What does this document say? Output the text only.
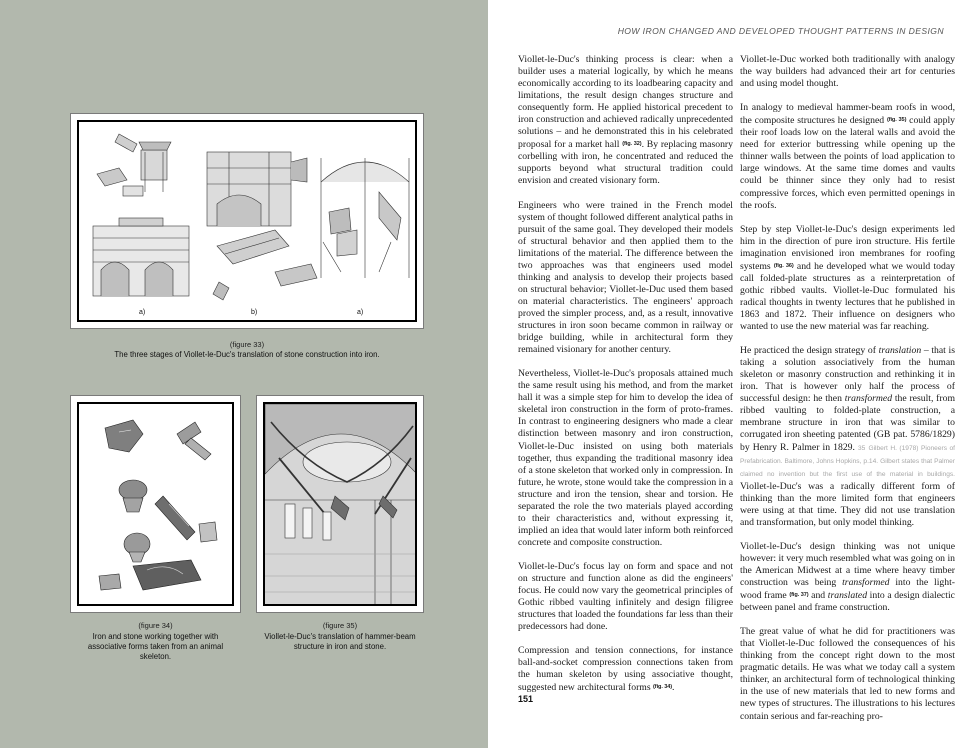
a)	b)	a)
(figure 33)
The three stages of Viollet-le-Duc's translation of stone construction into iron.
(figure 34)
Iron and stone working together with associative forms taken from an animal skeleton.
(figure 35)
Viollet-le-Duc's translation of hammer-beam structure in iron and stone.
HOW IRON CHANGED AND DEVELOPED THOUGHT PATTERNS IN DESIGN

Viollet-le-Duc's thinking process is clear: when a builder uses a material logically, by which he means economically according to its loadbearing capacity and limitations, the result design changes structure and consequently form. He applied historical precedent to iron construction and achieved radically unprecedented solutions – and he demonstrated this in his celebrated proposal for a market hall $^{(fig. 32)}$. By replacing masonry corbelling with iron, he concentrated and reduced the supports beyond what structural tradition could envision and created visionary form.

Engineers who were trained in the French model system of thought followed different analytical paths in pursuit of the same goal. They developed their models of structural behavior and then applied them to the limitations of the material. The difference between the two approaches was that engineers used model thinking and analysis to develop their projects based on structural behavior; Viollet-le-Duc used them based on material characteristics. The engineers' approach proved the simpler process, and, as a result, innovative structures in iron soon became common in railway or bridge building, while in architectural form they remained visionary for another century.

Nevertheless, Viollet-le-Duc's proposals attained much the same result using his method, and from the market hall it was a simple step for him to develop the idea of skeletal iron construction in the form of proto-frames. In contrast to engineering designers who made a clear distinction between masonry and iron construction, Viollet-le-Duc insisted on using both materials together, thus expanding the traditional masonry idea of a stone skeleton that worked only in compression. In future, he wrote, stone would take the compression in a structure and iron the tension, shear and torsion. He separated the role the two materials played according to their characteristics and, without expressing it, implied an idea that would later inform both reinforced concrete and composite construction.

Viollet-le-Duc's focus lay on form and space and not on structure and function alone as did the engineers' focus. He could now vary the geometrical principles of Gothic ribbed vaulting infinitely and design filigree structures that loaded the foundations far less than their predecessors had done.

Compression and tension connections, for instance ball-and-socket compression connections taken from the human skeleton by using associative thought, suggested new architectural forms $^{(fig. 34)}$.

Viollet-le-Duc worked both traditionally with analogy the way builders had advanced their art for centuries and using model thought.

In analogy to medieval hammer-beam roofs in wood, the composite structures he designed $^{(fig. 35)}$ could apply their roof loads low on the lateral walls and avoid the need for exterior buttressing while opening up the thinner walls between the points of load application to large windows. At the same time domes and vaults could be thinner since they only had to resist compressive forces, which even permitted openings in the roofs.

Step by step Viollet-le-Duc's design experiments led him in the direction of pure iron structure. His fertile imagination envisioned iron membranes for roofing systems $^{(fig. 36)}$ and he developed what we would today call folded-plate structures as a reinterpretation of gothic ribbed vaults. Viollet-le-Duc formulated his radical thoughts in twenty lectures that he published in 1863 and 1872. Their influence on designers who wanted to use the new material was far reaching.

He practiced the design strategy of translation – that is taking a solution associatively from the human skeleton or masonry construction and rethinking it in iron. That is however only half the process of successful design: he then transformed the result, from ribbed vaulting to folded-plate construction, a membrane structure in iron that was similar to corrugated iron sheeting patented (GB pat. 5786/1829) by Henry R. Palmer in 1829. 35 Gilbert H. (1978) Pioneers of Prefabrication. Baltimore, Johns Hopkins, p.14. Gilbert states that Palmer claimed no invention but the first use of the material in buildings. Viollet-le-Duc's was a radically different form of thinking than the more limited form that engineers were using at that time. They did not use translation and transformation, but only model thinking.

Viollet-le-Duc's design thinking was not unique however: it very much resembled what was going on in the American Midwest at a time where heavy timber construction was being transformed into the light-wood frame $^{(fig. 37)}$ and translated into a design dialectic between panel and frame construction.

The great value of what he did for practitioners was that Viollet-le-Duc followed the consequences of his thinking from the concept right down to the most pragmatic details. He was what we today call a system thinker, an architectural form of technological thinking in the use of new materials that led to new forms and new types of structures. The illustrations to his lectures contain serious and far-reaching pro-

151
